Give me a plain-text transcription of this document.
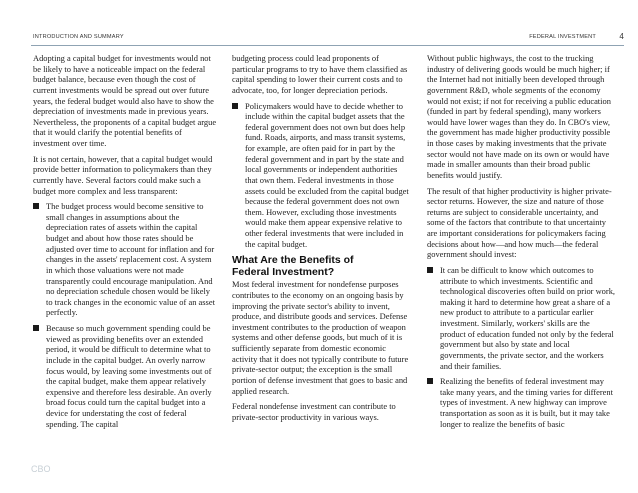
INTRODUCTION AND SUMMARY	FEDERAL INVESTMENT	4

Adopting a capital budget for investments would not be likely to have a noticeable impact on the federal budget balance, because even though the cost of current investments would be spread out over future years, the federal budget would also have to show the depreciation of investments made in previous years. Nevertheless, the proponents of a capital budget argue that it would clarify the potential benefits of investment over time.

It is not certain, however, that a capital budget would provide better information to policymakers than they currently have. Several factors could make such a budget more complex and less transparent:

The budget process would become sensitive to small changes in assumptions about the depreciation rates of assets within the capital budget and about how those rates should be adjusted over time to account for inflation and for changes in the assets' replacement cost. A system in which those valuations were not made transparently could encourage manipulation. And no depreciation schedule chosen would be likely to track changes in the economic value of an asset perfectly.
Because so much government spending could be viewed as providing benefits over an extended period, it would be difficult to determine what to include in the capital budget. An overly narrow focus would, by leaving some investments out of the capital budget, make them appear relatively expensive and therefore less desirable. An overly broad focus could turn the capital budget into a device for understating the cost of federal spending. The capital

budgeting process could lead proponents of particular programs to try to have them classified as capital spending to lower their current costs and to advocate, too, for longer depreciation periods.

Policymakers would have to decide whether to include within the capital budget assets that the federal government does not own but does help fund. Roads, airports, and mass transit systems, for example, are often paid for in part by the federal government and in part by the state and local governments or independent authorities that own them. Federal investments in those assets could be excluded from the capital budget because the federal government does not own them. However, excluding those investments would make them appear expensive relative to other federal investments that were included in the capital budget.
What Are the Benefits of
Federal Investment?

Most federal investment for nondefense purposes contributes to the economy on an ongoing basis by improving the private sector's ability to invent, produce, and distribute goods and services. Defense investment contributes to the production of weapon systems and other defense goods, but much of it is sufficiently separate from domestic economic activity that it does not typically contribute to future private-sector output; the exception is the small portion of defense investment that goes to basic and applied research.

Federal nondefense investment can contribute to private-sector productivity in various ways.

Without public highways, the cost to the trucking industry of delivering goods would be much higher; if the Internet had not initially been developed through government R&D, whole segments of the economy would not exist; if not for receiving a public education (funded in part by federal spending), many workers would have lower wages than they do. In CBO's view, the government has made higher productivity possible in those cases by making investments that the private sector would not have made on its own or would have made in smaller amounts than their broad public benefits would justify.

The result of that higher productivity is higher private-sector returns. However, the size and nature of those returns are subject to considerable uncertainty, and some of the factors that contribute to that uncertainty are important considerations for policymakers facing decisions about how—and how much—the federal government should invest:

It can be difficult to know which outcomes to attribute to which investments. Scientific and technological discoveries often build on prior work, making it hard to determine how great a share of a new product to attribute to a particular earlier investment. Similarly, workers' skills are the product of education funded not only by the federal government but also by state and local governments, the private sector, and the workers and their families.
Realizing the benefits of federal investment may take many years, and the timing varies for different types of investment. A new highway can improve transportation as soon as it is built, but it may take longer to realize the benefits of basic
CBO
